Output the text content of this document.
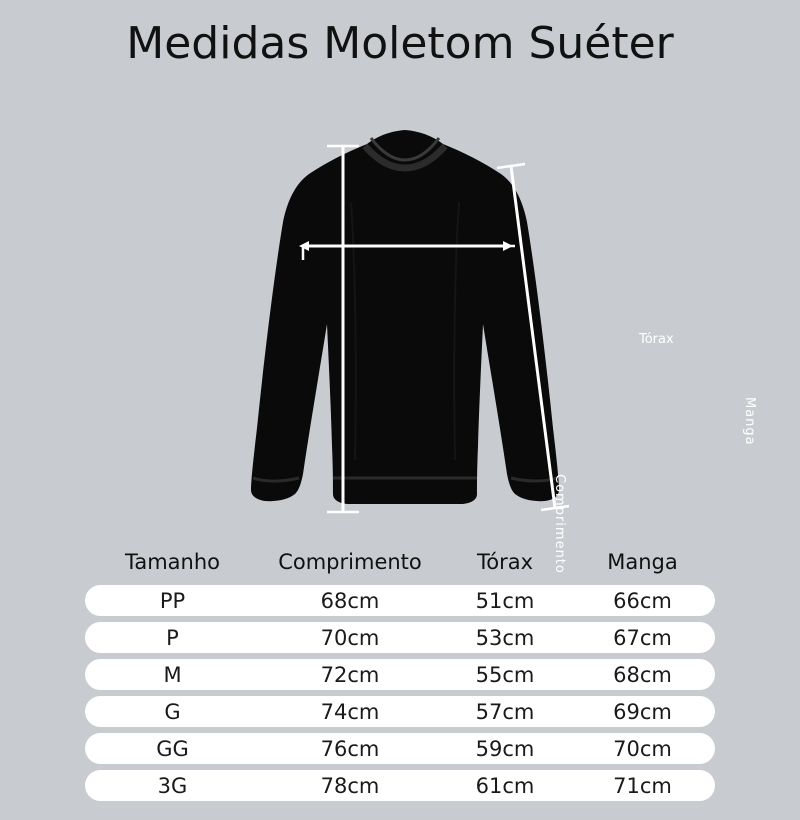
Medidas Moletom Suéter
Tórax
Manga
Comprimento
Tamanho	Comprimento	Tórax	Manga
PP	68cm	51cm	66cm
P	70cm	53cm	67cm
M	72cm	55cm	68cm
G	74cm	57cm	69cm
GG	76cm	59cm	70cm
3G	78cm	61cm	71cm
